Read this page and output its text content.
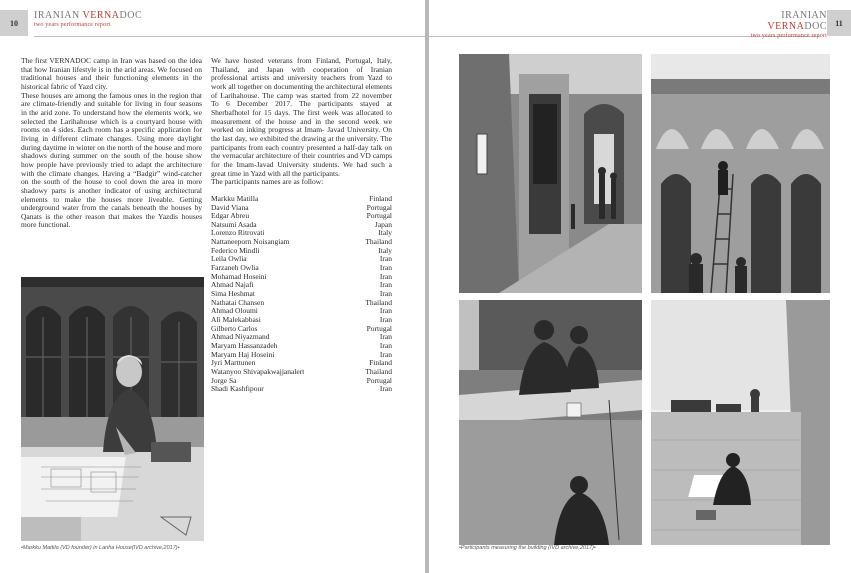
10
IRANIAN VERNADOC
two years performance report

The first VERNADOC camp in Iran was based on the idea that how Iranian lifestyle is in the arid areas. We focused on traditional houses and their functioning elements in the historical fabric of Yazd city.

These houses are among the famous ones in the region that are climate-friendly and suitable for living in four seasons in the arid zone. To understand how the elements work, we selected the Larihahouse which is a courtyard house with rooms on 4 sides. Each room has a specific application for living in different climate changes. Using more daylight during daytime in winter on the north of the house and more shadows during summer on the south of the house show how people have previously tried to adapt the architecture with the climate changes. Having a “Badgir” wind-catcher on the south of the house to cool down the area in more shadowy parts is another indicator of using architectural elements to make the houses more liveable. Getting underground water from the canals beneath the houses by Qanats is the other reason that makes the Yazdis houses more functional.

We have hosted veterans from Finland, Portugal, Italy, Thailand, and Japan with cooperation of Iranian professional artists and university teachers from Yazd to work all together on documenting the architectural elements of Larihahouse. The camp was started from 22 november To 6 December 2017. The participants stayed at Sherbafhotel for 15 days. The first week was allocated to measurement of the house and in the second week we worked on inking progress at Imam- Javad University. On the last day, we exhibited the drawing at the university. The participants from each country presented a half-day talk on the vernacular architecture of their countries and VD camps for the Imam-Javad University students. We had such a great time in Yazd with all the participants.

The participants names are as follow:

Markku Matilla	Finland
David Viana	Portugal
Edgar Abreu	Portugal
Natsumi Asada	Japan
Lorenzo Ritrovati	Italy
Nattaneeporn Noisangiam	Thailand
Federico Mindli	Italy
Leila Owlia	Iran
Farzaneh Owlia	Iran
Mohamad Hoseini	Iran
Ahmad Najafi	Iran
Sima Heshmat	Iran
Nathatai Chansen	Thailand
Ahmad Oloumi	Iran
Ali Malekabbasi	Iran
Gilberto Carlos	Portugal
Ahmad Niyazmand	Iran
Maryam Hassanzadeh	Iran
Maryam Haj Hoseini	Iran
Jyri Marttunen	Finland
Watanyoo Shivapakwajjanalert	Thailand
Jorge Sa	Portugal
Shadi Kashfipour	Iran
•Markku Mattila (VD founder) in Lariha House(IVD archive,2017)•
IRANIAN VERNADOC
two years performance report
11
•Participants measuring the building (IVD archive,2017)•
